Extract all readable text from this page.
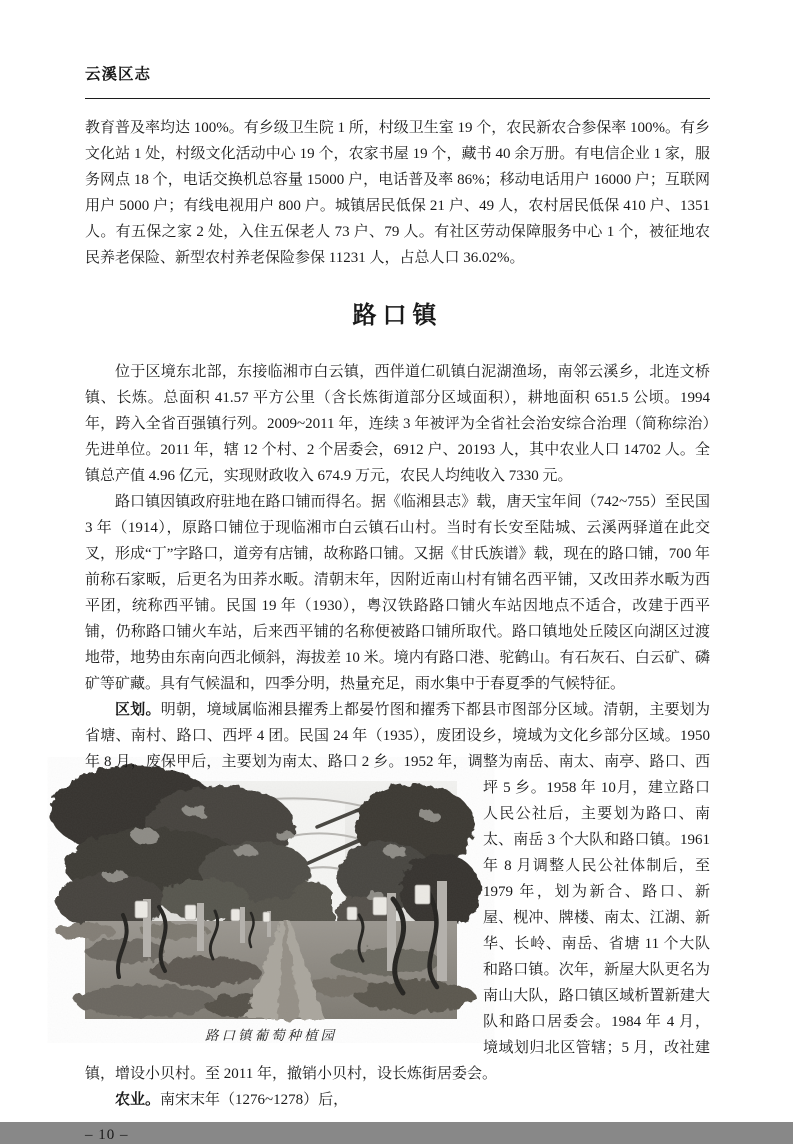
云溪区志

教育普及率均达 100%。有乡级卫生院 1 所，村级卫生室 19 个，农民新农合参保率 100%。有乡文化站 1 处，村级文化活动中心 19 个，农家书屋 19 个，藏书 40 余万册。有电信企业 1 家，服务网点 18 个，电话交换机总容量 15000 户，电话普及率 86%；移动电话用户 16000 户；互联网用户 5000 户；有线电视用户 800 户。城镇居民低保 21 户、49 人，农村居民低保 410 户、1351 人。有五保之家 2 处，入住五保老人 73 户、79 人。有社区劳动保障服务中心 1 个，被征地农民养老保险、新型农村养老保险参保 11231 人，占总人口 36.02%。

路口镇

位于区境东北部，东接临湘市白云镇，西伴道仁矶镇白泥湖渔场，南邻云溪乡，北连文桥镇、长炼。总面积 41.57 平方公里（含长炼街道部分区域面积），耕地面积 651.5 公顷。1994 年，跨入全省百强镇行列。2009~2011 年，连续 3 年被评为全省社会治安综合治理（简称综治）先进单位。2011 年，辖 12 个村、2 个居委会，6912 户、20193 人，其中农业人口 14702 人。全镇总产值 4.96 亿元，实现财政收入 674.9 万元，农民人均纯收入 7330 元。

路口镇因镇政府驻地在路口铺而得名。据《临湘县志》载，唐天宝年间（742~755）至民国 3 年（1914），原路口铺位于现临湘市白云镇石山村。当时有长安至陆城、云溪两驿道在此交叉，形成“丁”字路口，道旁有店铺，故称路口铺。又据《甘氏族谱》载，现在的路口铺，700 年前称石家畈，后更名为田荞水畈。清朝末年，因附近南山村有铺名西平铺，又改田荞水畈为西平团，统称西平铺。民国 19 年（1930），粤汉铁路路口铺火车站因地点不适合，改建于西平铺，仍称路口铺火车站，后来西平铺的名称便被路口铺所取代。路口镇地处丘陵区向湖区过渡地带，地势由东南向西北倾斜，海拔差 10 米。境内有路口港、驼鹤山。有石灰石、白云矿、磷矿等矿藏。具有气候温和，四季分明，热量充足，雨水集中于春夏季的气候特征。

区划。明朝，境域属临湘县擢秀上都晏竹图和擢秀下都县市图部分区域。清朝，主要划为省塘、南村、路口、西坪 4 团。民国 24 年（1935），废团设乡，境域为文化乡部分区域。1950 年 8 月，废保甲后，主要划为南太、路口 2 乡。1952 年，调整为南岳、南太、南亭、路口、西坪 5 乡。1958 年 10
路口镇葡萄种植园
月，建立路口人民公社后，主要划为路口、南太、南岳 3 个大队和路口镇。1961 年 8 月调整人民公社体制后，至 1979 年，划为新合、路口、新屋、枧冲、牌楼、南太、江湖、新华、长岭、南岳、省塘 11 个大队和路口镇。次年，新屋大队更名为南山大队，路口镇区域析置新建大队和路口居委会。1984 年 4 月，境域划归北区管辖；5 月，改社建镇，增设小贝村。至 2011 年，撤销小贝村，设长炼街居委会。

农业。南宋末年（1276~1278）后，

– 10 –
